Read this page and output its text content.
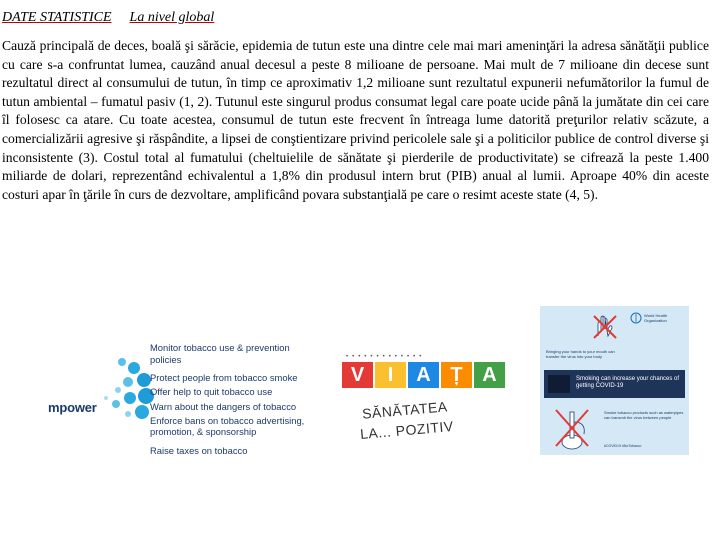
DATE STATISTICE La nivel global
Cauză principală de deces, boală şi sărăcie, epidemia de tutun este una dintre cele mai mari ameninţări la adresa sănătăţii publice cu care s-a confruntat lumea, cauzând anual decesul a peste 8 milioane de persoane. Mai mult de 7 milioane din decese sunt rezultatul direct al consumului de tutun, în timp ce aproximativ 1,2 milioane sunt rezultatul expunerii nefumătorilor la fumul de tutun ambiental – fumatul pasiv (1, 2). Tutunul este singurul produs consumat legal care poate ucide până la jumătate din cei care îl folosesc ca atare. Cu toate acestea, consumul de tutun este frecvent în întreaga lume datorită preţurilor relativ scăzute, a comercializării agresive şi răspândite, a lipsei de conştientizare privind pericolele sale şi a politicilor publice de control diverse şi inconsistente (3). Costul total al fumatului (cheltuielile de sănătate şi pierderile de productivitate) se cifrează la peste 1.400 miliarde de dolari, reprezentând echivalentul a 1,8% din produsul intern brut (PIB) anual al lumii. Aproape 40% din aceste costuri apar în ţările în curs de dezvoltare, amplificând povara substanţială pe care o resimt aceste state (4, 5).
mpower
Monitor tobacco use & prevention policies
Protect people from tobacco smoke
Offer help to quit tobacco use
Warn about the dangers of tobacco
Enforce bans on tobacco advertising, promotion, & sponsorship
Raise taxes on tobacco
•••••••••••••
V	I	A Ț A
SĂNĂTATEA
LA... POZITIV
World Health Organization
Bringing your hands to your mouth can transfer the virus into your body
Smoking can increase your chances of getting COVID-19
Smoke tobacco products such as waterpipes can transmit the virus between people
#COVID19 #NoTobacco
